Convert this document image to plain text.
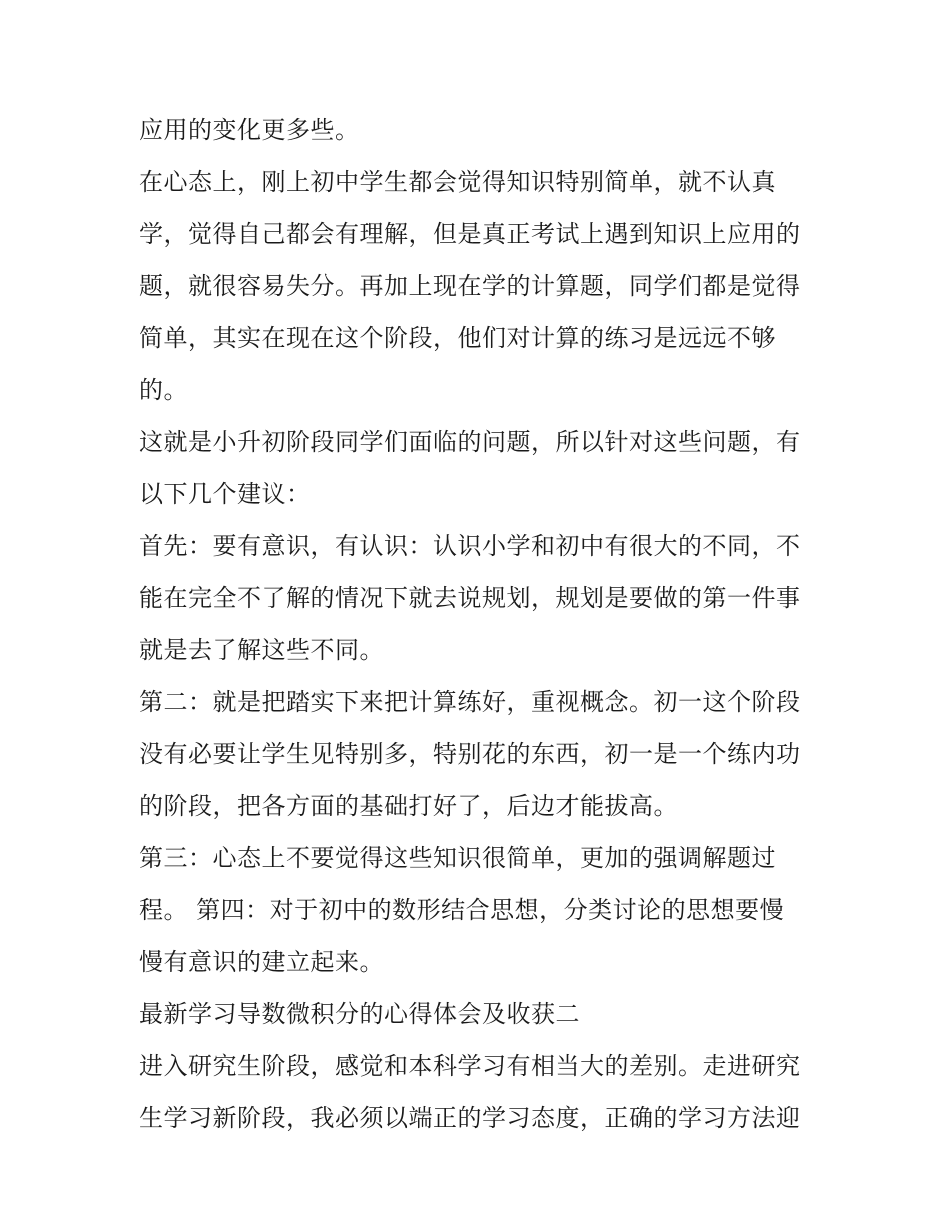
应用的变化更多些。
在心态上，刚上初中学生都会觉得知识特别简单，就不认真
学，觉得自己都会有理解，但是真正考试上遇到知识上应用的
题，就很容易失分。再加上现在学的计算题，同学们都是觉得
简单，其实在现在这个阶段，他们对计算的练习是远远不够
的。
这就是小升初阶段同学们面临的问题，所以针对这些问题，有
以下几个建议：
首先：要有意识，有认识：认识小学和初中有很大的不同，不
能在完全不了解的情况下就去说规划，规划是要做的第一件事
就是去了解这些不同。
第二：就是把踏实下来把计算练好，重视概念。初一这个阶段
没有必要让学生见特别多，特别花的东西，初一是一个练内功
的阶段，把各方面的基础打好了，后边才能拔高。
第三：心态上不要觉得这些知识很简单，更加的强调解题过
程。 第四：对于初中的数形结合思想，分类讨论的思想要慢
慢有意识的建立起来。
最新学习导数微积分的心得体会及收获二
进入研究生阶段，感觉和本科学习有相当大的差别。走进研究
生学习新阶段，我必须以端正的学习态度，正确的学习方法迎
